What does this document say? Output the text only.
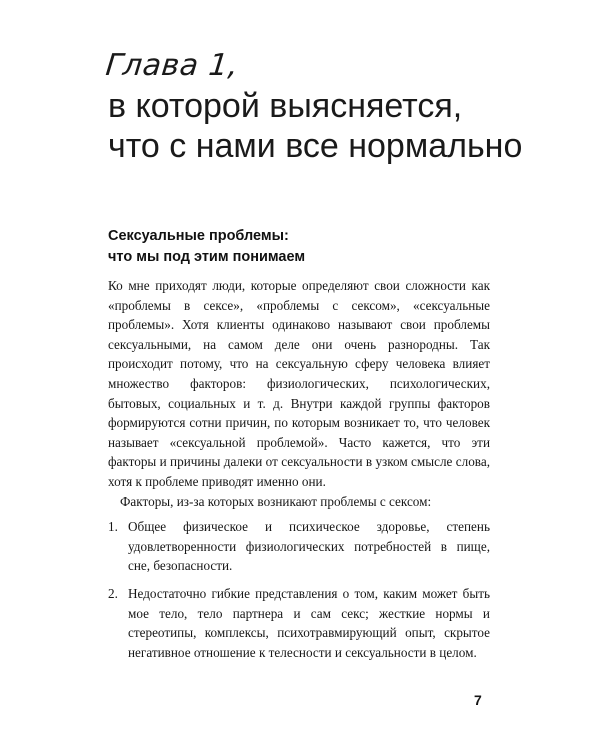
Глава 1,
в которой выясняется,
что с нами все нормально
Сексуальные проблемы:
что мы под этим понимаем

Ко мне приходят люди, которые определяют свои сложности как «проблемы в сексе», «проблемы с сексом», «сексуальные проблемы». Хотя клиенты одинаково называют свои проблемы сексуальными, на самом деле они очень разнородны. Так происходит потому, что на сексуальную сферу человека влияет множество факторов: физиологических, психологических, бытовых, социальных и т. д. Внутри каждой группы факторов формируются сотни причин, по которым возникает то, что человек называет «сексуальной проблемой». Часто кажется, что эти факторы и причины далеки от сексуальности в узком смысле слова, хотя к проблеме приводят именно они.

Факторы, из-за которых возникают проблемы с сексом:

1. Общее физическое и психическое здоровье, степень удовлетворенности физиологических потребностей в пище, сне, безопасности.
2. Недостаточно гибкие представления о том, каким может быть мое тело, тело партнера и сам секс; жесткие нормы и стереотипы, комплексы, психотравмирующий опыт, скрытое негативное отношение к телесности и сексуальности в целом.
7
